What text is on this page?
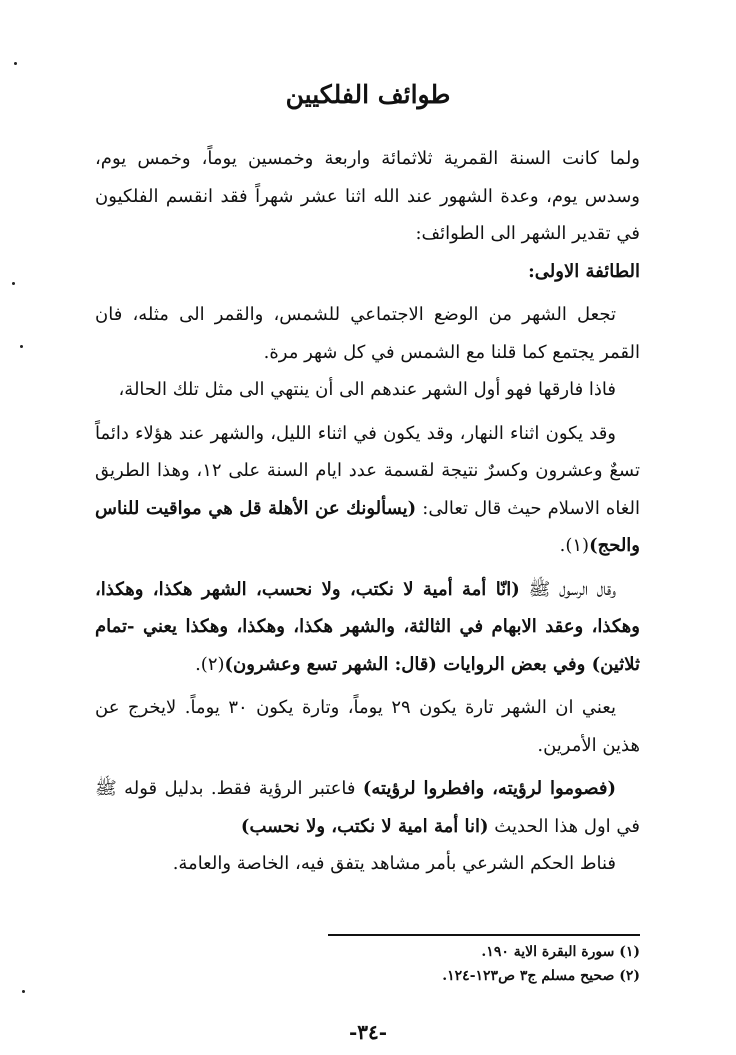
طوائف الفلكيين

ولما كانت السنة القمرية ثلاثمائة واربعة وخمسين يوماً، وخمس يوم، وسدس يوم، وعدة الشهور عند الله اثنا عشر شهراً فقد انقسم الفلكيون في تقدير الشهر الى الطوائف:

الطائفة الاولى:

تجعل الشهر من الوضع الاجتماعي للشمس، والقمر الى مثله، فان القمر يجتمع كما قلنا مع الشمس في كل شهر مرة.

فاذا فارقها فهو أول الشهر عندهم الى أن ينتهي الى مثل تلك الحالة،

وقد يكون اثناء النهار، وقد يكون في اثناء الليل، والشهر عند هؤلاء دائماً تسعٌ وعشرون وكسرٌ نتيجة لقسمة عدد ايام السنة على ١٢، وهذا الطريق الغاه الاسلام حيث قال تعالى: (يسألونك عن الأهلة قل هي مواقيت للناس والحج)(١).

وقال الرسول ﷺ (انّا أمة أمية لا نكتب، ولا نحسب، الشهر هكذا، وهكذا، وهكذا، وعقد الابهام في الثالثة، والشهر هكذا، وهكذا، وهكذا يعني -تمام ثلاثين) وفي بعض الروايات (قال: الشهر تسع وعشرون)(٢).

يعني ان الشهر تارة يكون ٢٩ يوماً، وتارة يكون ٣٠ يوماً. لايخرج عن هذين الأمرين.

(فصوموا لرؤيته، وافطروا لرؤيته) فاعتبر الرؤية فقط. بدليل قوله ﷺ في اول هذا الحديث (انا أمة امية لا نكتب، ولا نحسب)

فناط الحكم الشرعي بأمر مشاهد يتفق فيه، الخاصة والعامة.

(١) سورة البقرة الاية ١٩٠.
(٢) صحيح مسلم ج٣ ص١٢٣-١٢٤.
-٣٤-
